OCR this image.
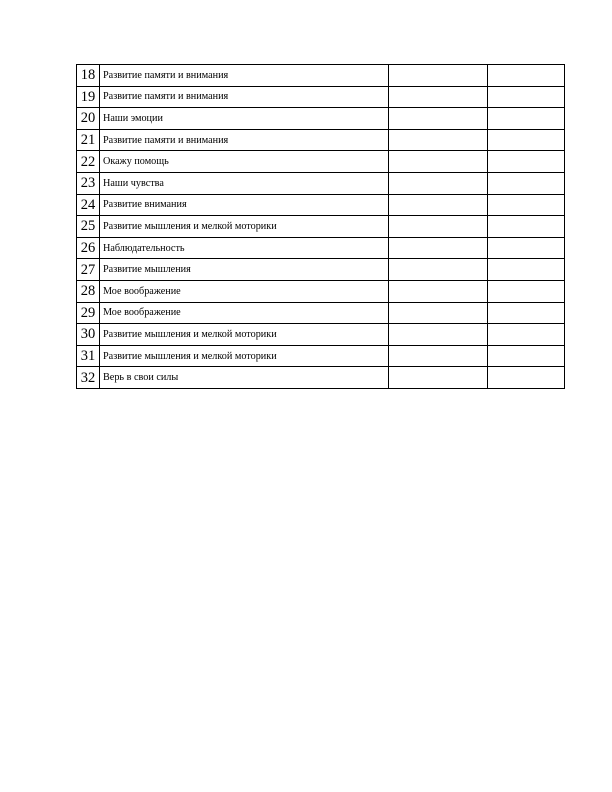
18	Развитие памяти и внимания		
19	Развитие памяти и внимания		
20	Наши эмоции		
21	Развитие памяти и внимания		
22	Окажу помощь		
23	Наши чувства		
24	Развитие внимания		
25	Развитие мышления и мелкой моторики		
26	Наблюдательность		
27	Развитие мышления		
28	Мое воображение		
29	Мое воображение		
30	Развитие мышления и мелкой моторики		
31	Развитие мышления и мелкой моторики		
32	Верь в свои силы		
